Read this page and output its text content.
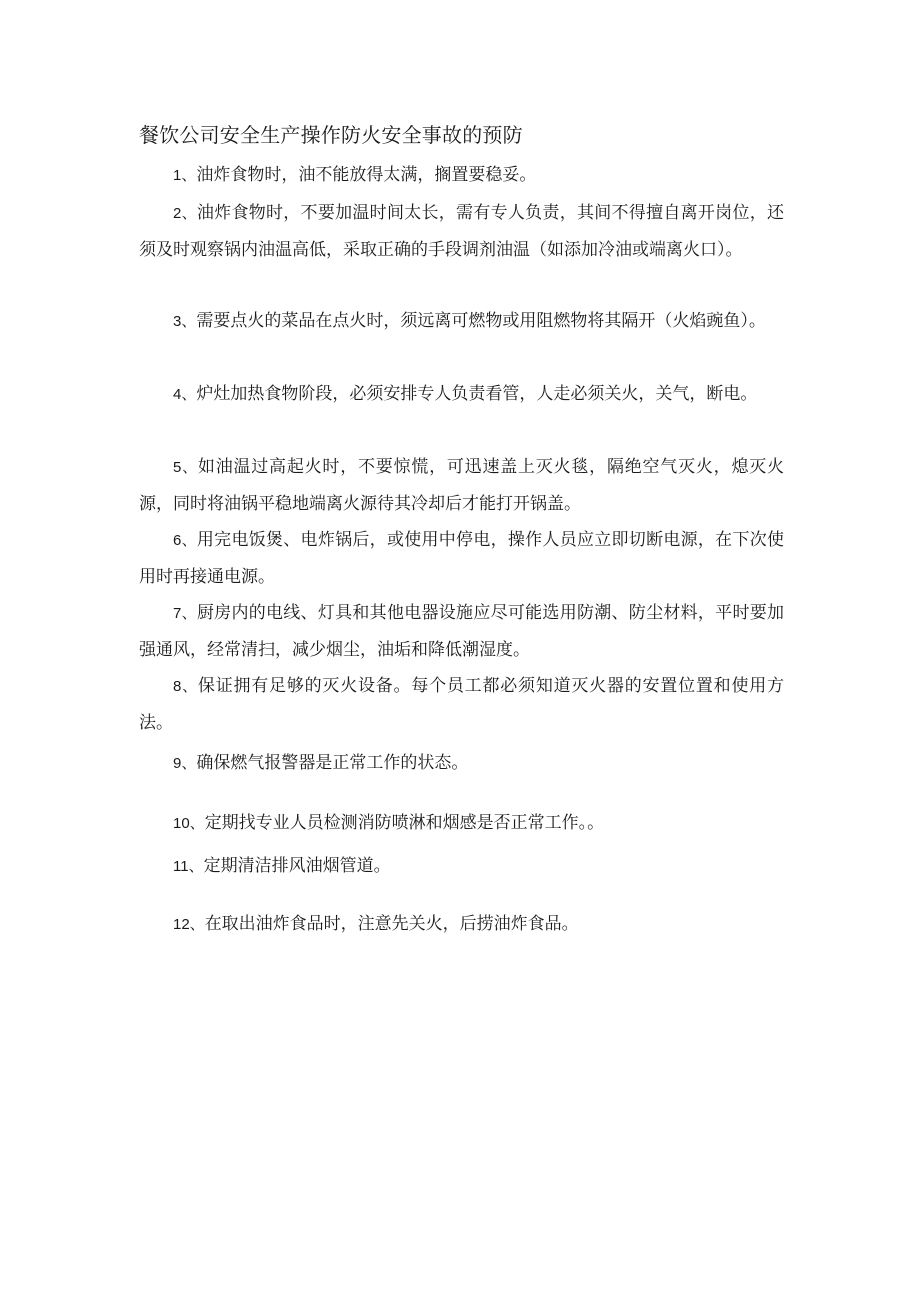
餐饮公司安全生产操作防火安全事故的预防

1、油炸食物时，油不能放得太满，搁置要稳妥。

2、油炸食物时，不要加温时间太长，需有专人负责，其间不得擅自离开岗位，还须及时观察锅内油温高低，采取正确的手段调剂油温（如添加冷油或端离火口）。

3、需要点火的菜品在点火时，须远离可燃物或用阻燃物将其隔开（火焰豌鱼）。

4、炉灶加热食物阶段，必须安排专人负责看管，人走必须关火，关气，断电。

5、如油温过高起火时，不要惊慌，可迅速盖上灭火毯，隔绝空气灭火，熄灭火源，同时将油锅平稳地端离火源待其冷却后才能打开锅盖。

6、用完电饭煲、电炸锅后，或使用中停电，操作人员应立即切断电源，在下次使用时再接通电源。

7、厨房内的电线、灯具和其他电器设施应尽可能选用防潮、防尘材料，平时要加强通风，经常清扫，减少烟尘，油垢和降低潮湿度。

8、保证拥有足够的灭火设备。每个员工都必须知道灭火器的安置位置和使用方法。

9、确保燃气报警器是正常工作的状态。

10、定期找专业人员检测消防喷淋和烟感是否正常工作。。

11、定期清洁排风油烟管道。

12、在取出油炸食品时，注意先关火，后捞油炸食品。
